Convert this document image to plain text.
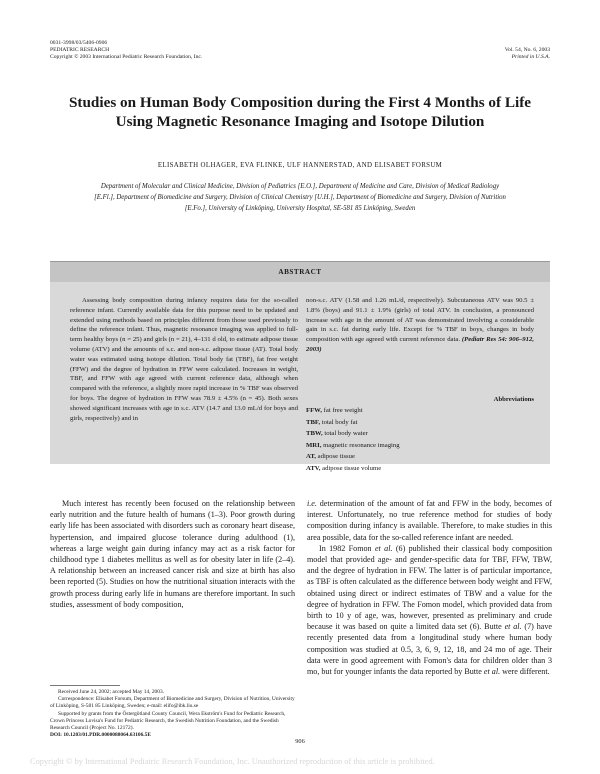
0031-3998/03/5406-0906
PEDIATRIC RESEARCH
Copyright © 2003 International Pediatric Research Foundation, Inc.
Vol. 54, No. 6, 2003
Printed in U.S.A.
Studies on Human Body Composition during the First 4 Months of Life Using Magnetic Resonance Imaging and Isotope Dilution
ELISABETH OLHAGER, EVA FLINKE, ULF HANNERSTAD, AND ELISABET FORSUM
Department of Molecular and Clinical Medicine, Division of Pediatrics [E.O.], Department of Medicine and Care, Division of Medical Radiology [E.Fl.], Department of Biomedicine and Surgery, Division of Clinical Chemistry [U.H.], Department of Biomedicine and Surgery, Division of Nutrition [E.Fo.], University of Linköping, University Hospital, SE-581 85 Linköping, Sweden
ABSTRACT

Assessing body composition during infancy requires data for the so-called reference infant. Currently available data for this purpose need to be updated and extended using methods based on principles different from those used previously to define the reference infant. Thus, magnetic resonance imaging was applied to full-term healthy boys (n = 25) and girls (n = 21), 4–131 d old, to estimate adipose tissue volume (ATV) and the amounts of s.c. and non-s.c. adipose tissue (AT). Total body water was estimated using isotope dilution. Total body fat (TBF), fat free weight (FFW) and the degree of hydration in FFW were calculated. Increases in weight, TBF, and FFW with age agreed with current reference data, although when compared with the reference, a slightly more rapid increase in % TBF was observed for boys. The degree of hydration in FFW was 78.9 ± 4.5% (n = 45). Both sexes showed significant increases with age in s.c. ATV (14.7 and 13.0 mL/d for boys and girls, respectively) and in

non-s.c. ATV (1.58 and 1.26 mL/d, respectively). Subcutaneous ATV was 90.5 ± 1.8% (boys) and 91.1 ± 1.9% (girls) of total ATV. In conclusion, a pronounced increase with age in the amount of AT was demonstrated involving a considerable gain in s.c. fat during early life. Except for % TBF in boys, changes in body composition with age agreed with current reference data. (Pediatr Res 54: 906–912, 2003)
Abbreviations
FFW, fat free weight
TBF, total body fat
TBW, total body water
MRI, magnetic resonance imaging
AT, adipose tissue
ATV, adipose tissue volume

Much interest has recently been focused on the relationship between early nutrition and the future health of humans (1–3). Poor growth during early life has been associated with disorders such as coronary heart disease, hypertension, and impaired glucose tolerance during adulthood (1), whereas a large weight gain during infancy may act as a risk factor for childhood type 1 diabetes mellitus as well as for obesity later in life (2–4). A relationship between an increased cancer risk and size at birth has also been reported (5). Studies on how the nutritional situation interacts with the growth process during early life in humans are therefore important. In such studies, assessment of body composition,

i.e. determination of the amount of fat and FFW in the body, becomes of interest. Unfortunately, no true reference method for studies of body composition during infancy is available. Therefore, to make studies in this area possible, data for the so-called reference infant are needed.

In 1982 Fomon et al. (6) published their classical body composition model that provided age- and gender-specific data for TBF, FFW, TBW, and the degree of hydration in FFW. The latter is of particular importance, as TBF is often calculated as the difference between body weight and FFW, obtained using direct or indirect estimates of TBW and a value for the degree of hydration in FFW. The Fomon model, which provided data from birth to 10 y of age, was, however, presented as preliminary and crude because it was based on quite a limited data set (6). Butte et al. (7) have recently presented data from a longitudinal study where human body composition was studied at 0.5, 3, 6, 9, 12, 18, and 24 mo of age. Their data were in good agreement with Fomon's data for children older than 3 mo, but for younger infants the data reported by Butte et al. were different.

Received June 24, 2002; accepted May 14, 2003.

Correspondence: Elisabet Forsum, Department of Biomedicine and Surgery, Division of Nutrition, University of Linköping, S-581 85 Linköping, Sweden; e-mail: elifo@ibk.liu.se

Supported by grants from the Östergötland County Council, Wera Ekström's Fund for Pediatric Research, Crown Princess Lovisa's Fund for Pediatric Research, the Swedish Nutrition Foundation, and the Swedish Research Council (Project No. 12172).

DOI: 10.1203/01.PDR.0000088064.63106.5E

906
Copyright © by International Pediatric Research Foundation, Inc. Unauthorized reproduction of this article is prohibited.
